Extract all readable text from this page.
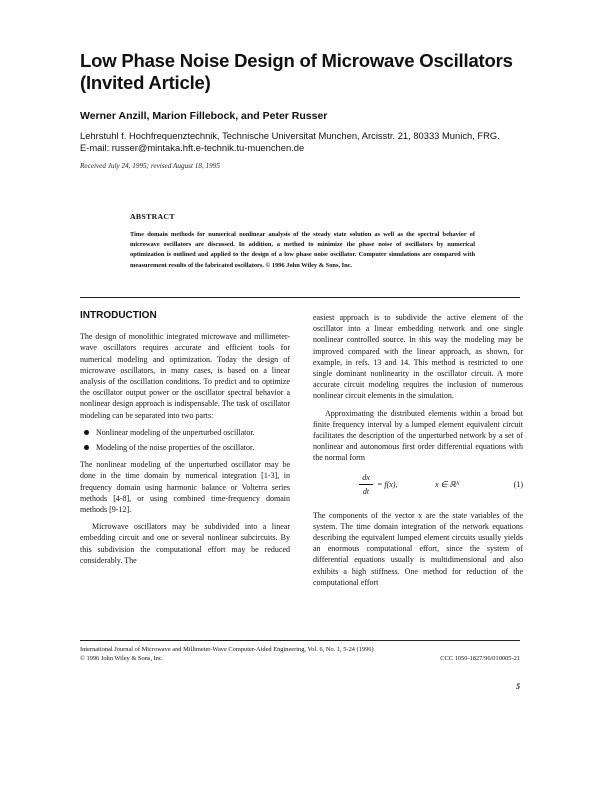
Low Phase Noise Design of Microwave Oscillators (Invited Article)
Werner Anzill, Marion Fillebock, and Peter Russer
Lehrstuhl f. Hochfrequenztechnik, Technische Universitat Munchen, Arcisstr. 21, 80333 Munich, FRG.
E-mail: russer@mintaka.hft.e-technik.tu-muenchen.de
Received July 24, 1995; revised August 18, 1995
ABSTRACT
Time domain methods for numerical nonlinear analysis of the steady state solution as well as the spectral behavior of microwave oscillators are discussed. In addition, a method to minimize the phase noise of oscillators by numerical optimization is outlined and applied to the design of a low phase noise oscillator. Computer simulations are compared with measurement results of the fabricated oscillators. © 1996 John Wiley & Sons, Inc.
INTRODUCTION

The design of monolithic integrated microwave and millimeter-wave oscillators requires accurate and efficient tools for numerical modeling and optimization. Today the design of microwave oscillators, in many cases, is based on a linear analysis of the oscillation conditions. To predict and to optimize the oscillator output power or the oscillator spectral behavior a nonlinear design approach is indispensable. The task of oscillator modeling can be separated into two parts:

Nonlinear modeling of the unperturbed oscillator.
Modeling of the noise properties of the oscillator.

The nonlinear modeling of the unperturbed oscillator may be done in the time domain by numerical integration [1-3], in frequency domain using harmonic balance or Volterra series methods [4-8], or using combined time-frequency domain methods [9-12].

Microwave oscillators may be subdivided into a linear embedding circuit and one or several nonlinear subcircuits. By this subdivision the computational effort may be reduced considerably. The

easiest approach is to subdivide the active element of the oscillator into a linear embedding network and one single nonlinear controlled source. In this way the modeling may be improved compared with the linear approach, as shown, for example, in refs. 13 and 14. This method is restricted to one single dominant nonlinearity in the oscillator circuit. A more accurate circuit modeling requires the inclusion of numerous nonlinear circuit elements in the simulation.

Approximating the distributed elements within a broad but finite frequency interval by a lumped element equivalent circuit facilitates the description of the unperturbed network by a set of nonlinear and autonomous first order differential equations with the normal form

dx
dt
= f(x),	x ∈ ℝᴺ	(1)

The components of the vector x are the state variables of the system. The time domain integration of the network equations describing the equivalent lumped element circuits usually yields an enormous computational effort, since the system of differential equations usually is multidimensional and also exhibits a high stiffness. One method for reduction of the computational effort

International Journal of Microwave and Millimeter-Wave Computer-Aided Engineering, Vol. 6, No. 1, 5-24 (1996)
© 1996 John Wiley & Sons, Inc.	CCC 1050-1827/96/010005-21
5
